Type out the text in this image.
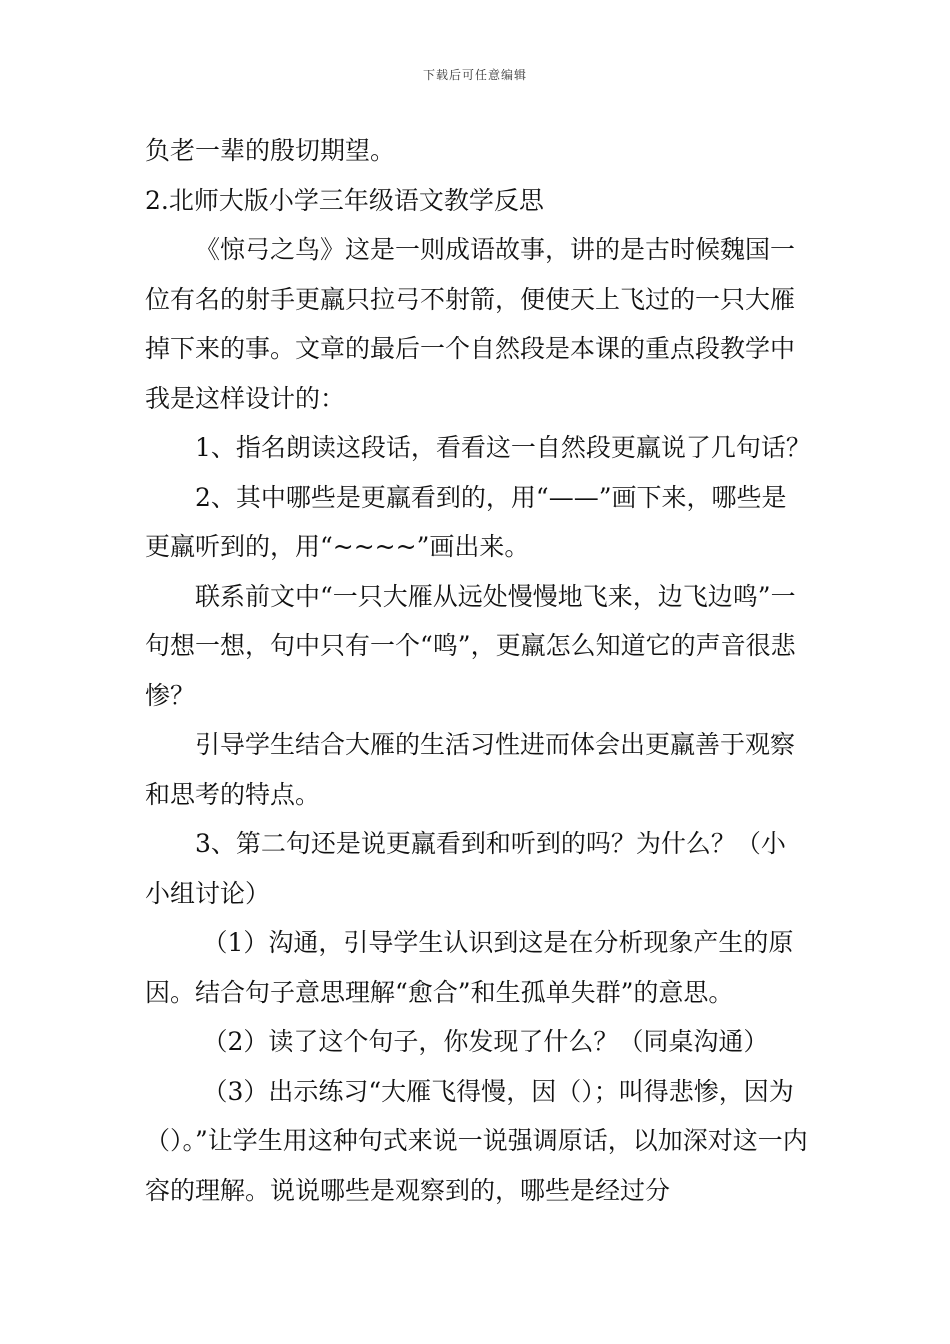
下载后可任意编辑

负老一辈的殷切期望。

2.北师大版小学三年级语文教学反思

《惊弓之鸟》这是一则成语故事，讲的是古时候魏国一位有名的射手更羸只拉弓不射箭，便使天上飞过的一只大雁掉下来的事。文章的最后一个自然段是本课的重点段教学中我是这样设计的：

1、指名朗读这段话，看看这一自然段更羸说了几句话？

2、其中哪些是更羸看到的，用“——”画下来，哪些是更羸听到的，用“~~~~”画出来。

联系前文中“一只大雁从远处慢慢地飞来，边飞边鸣”一句想一想，句中只有一个“鸣”，更羸怎么知道它的声音很悲惨？

引导学生结合大雁的生活习性进而体会出更羸善于观察和思考的特点。

3、第二句还是说更羸看到和听到的吗？为什么？（小小组讨论）

（1）沟通，引导学生认识到这是在分析现象产生的原因。结合句子意思理解“愈合”和生孤单失群”的意思。

（2）读了这个句子，你发现了什么？（同桌沟通）

（3）出示练习“大雁飞得慢，因（）；叫得悲惨，因为（）。”让学生用这种句式来说一说强调原话，以加深对这一内容的理解。说说哪些是观察到的，哪些是经过分
